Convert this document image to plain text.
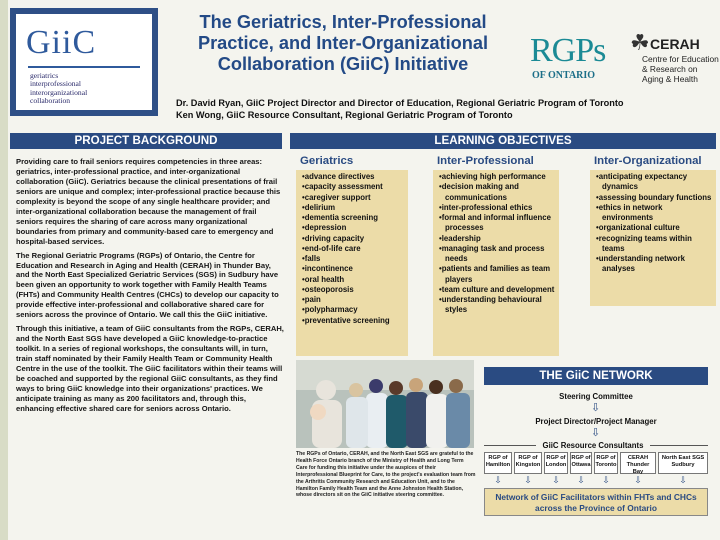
GiiC
geriatrics
interprofessional
interorganizational
collaboration
The Geriatrics, Inter-Professional Practice, and Inter-Organizational Collaboration (GiiC) Initiative	RGPs
OF ONTARIO
☘ CERAH
Centre for Education & Research on Aging & Health
Dr. David Ryan, GiiC Project Director and Director of Education, Regional Geriatric Program of Toronto
Ken Wong, GiiC Resource Consultant, Regional Geriatric Program of Toronto
PROJECT BACKGROUND

Providing care to frail seniors requires competencies in three areas: geriatrics, inter-professional practice, and inter-organizational collaboration (GiiC). Geriatrics because the clinical presentations of frail seniors are unique and complex; inter-professional practice because this complexity is beyond the scope of any single healthcare provider; and inter-organizational collaboration because the management of frail seniors requires the sharing of care across many organizational boundaries from primary and community-based care to emergency and hospital-based services.

The Regional Geriatric Programs (RGPs) of Ontario, the Centre for Education and Research in Aging and Health (CERAH) in Thunder Bay, and the North East Specialized Geriatric Services (SGS) in Sudbury have been given an opportunity to work together with Family Health Teams (FHTs) and Community Health Centres (CHCs) to develop our capacity to provide effective inter-professional and collaborative shared care for seniors across the province of Ontario. We call this the GiiC initiative.

Through this initiative, a team of GiiC consultants from the RGPs, CERAH, and the North East SGS have developed a GiiC knowledge-to-practice toolkit. In a series of regional workshops, the consultants will, in turn, train staff nominated by their Family Health Team or Community Health Centre in the use of the toolkit. The GiiC facilitators within their teams will be coached and supported by the regional GiiC consultants, as they find ways to bring GiiC knowledge into their organizations' practices. We anticipate training as many as 200 facilitators and, through this, enhancing effective shared care for seniors across Ontario.

LEARNING OBJECTIVES
Geriatrics	Inter-Professional	Inter-Organizational
• advance directives
• capacity assessment
• caregiver support
• delirium
• dementia screening
• depression
• driving capacity
• end-of-life care
• falls
• incontinence
• oral health
• osteoporosis
• pain
• polypharmacy
• preventative screening
• achieving high performance
• decision making and communications
• inter-professional ethics
• formal and informal influence processes
• leadership
• managing task and process needs
• patients and families as team players
• team culture and development
• understanding behavioural styles
• anticipating expectancy dynamics
• assessing boundary functions
• ethics in network environments
• organizational culture
• recognizing teams within teams
• understanding network analyses
The RGPs of Ontario, CERAH, and the North East SGS are grateful to the Health Force Ontario branch of the Ministry of Health and Long Term Care for funding this initiative under the auspices of their Interprofessional Blueprint for Care, to the project's evaluation team from the Arthritis Community Research and Education Unit, and to the Hamilton Family Health Team and the Anne Johnston Health Station, whose directors sit on the GiiC initiative steering committee.
THE GiiC NETWORK
Steering Committee
⇩
Project Director/Project Manager
⇩
GiiC Resource Consultants
RGP of
Hamilton
⇩
RGP of
Kingston
⇩
RGP of
London
⇩
RGP of
Ottawa
⇩
RGP of
Toronto
⇩
CERAH
Thunder Bay
⇩
North East SGS
Sudbury
⇩
Network of GiiC Facilitators within FHTs and CHCs across the Province of Ontario
